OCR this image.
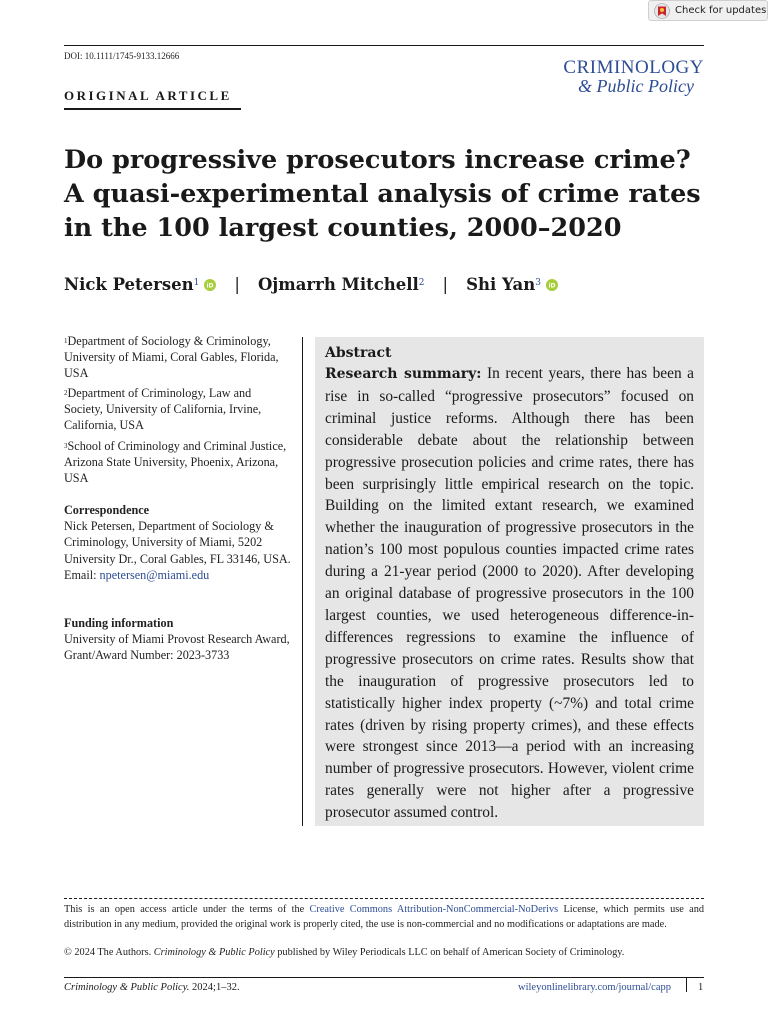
Check for updates
DOI: 10.1111/1745-9133.12666
ORIGINAL ARTICLE
CRIMINOLOGY
& Public Policy
Do progressive prosecutors increase crime? A quasi-experimental analysis of crime rates in the 100 largest counties, 2000–2020
Nick Petersen$^1$ iD | Ojmarrh Mitchell$^2$ | Shi Yan$^3$ iD
$^1$Department of Sociology & Criminology, University of Miami, Coral Gables, Florida, USA
$^2$Department of Criminology, Law and Society, University of California, Irvine, California, USA
$^3$School of Criminology and Criminal Justice, Arizona State University, Phoenix, Arizona, USA
Correspondence
Nick Petersen, Department of Sociology & Criminology, University of Miami, 5202 University Dr., Coral Gables, FL 33146, USA.
Email: npetersen@miami.edu
Funding information
University of Miami Provost Research Award, Grant/Award Number: 2023-3733
Abstract
Research summary: In recent years, there has been a rise in so-called “progressive prosecutors” focused on criminal justice reforms. Although there has been considerable debate about the relationship between progressive prosecution policies and crime rates, there has been surprisingly little empirical research on the topic. Building on the limited extant research, we examined whether the inauguration of progressive prosecutors in the nation’s 100 most populous counties impacted crime rates during a 21-year period (2000 to 2020). After developing an original database of progressive prosecutors in the 100 largest counties, we used heterogeneous difference-in-differences regressions to examine the influence of progressive prosecutors on crime rates. Results show that the inauguration of progressive prosecutors led to statistically higher index property (~7%) and total crime rates (driven by rising property crimes), and these effects were strongest since 2013—a period with an increasing number of progressive prosecutors. However, violent crime rates generally were not higher after a progressive prosecutor assumed control.
This is an open access article under the terms of the Creative Commons Attribution-NonCommercial-NoDerivs License, which permits use and distribution in any medium, provided the original work is properly cited, the use is non-commercial and no modifications or adaptations are made.
© 2024 The Authors. Criminology & Public Policy published by Wiley Periodicals LLC on behalf of American Society of Criminology.
Criminology & Public Policy. 2024;1–32.	wileyonlinelibrary.com/journal/capp	1
